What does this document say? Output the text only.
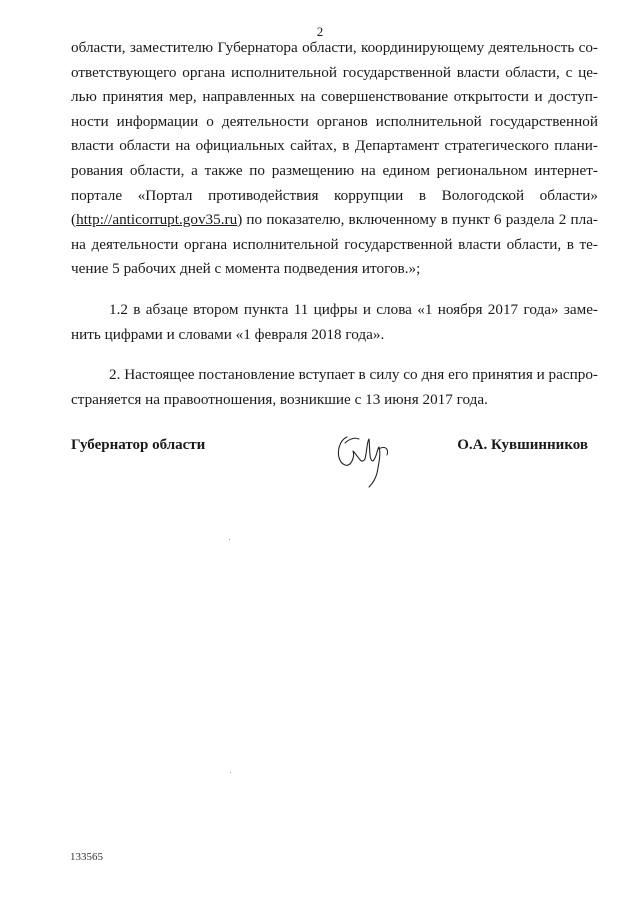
2
области, заместителю Губернатора области, координирующему деятельность со-
ответствующего органа исполнительной государственной власти области, с це-
лью принятия мер, направленных на совершенствование открытости и доступ-
ности информации о деятельности органов исполнительной государственной
власти области на официальных сайтах, в Департамент стратегического плани-
рования области, а также по размещению на едином региональном интернет-
портале «Портал противодействия коррупции в Вологодской области»
(http://anticorrupt.gov35.ru) по показателю, включенному в пункт 6 раздела 2 пла-
на деятельности органа исполнительной государственной власти области, в те-
чение 5 рабочих дней с момента подведения итогов.»;
1.2 в абзаце втором пункта 11 цифры и слова «1 ноября 2017 года» заме-
нить цифрами и словами «1 февраля 2018 года».
2. Настоящее постановление вступает в силу со дня его принятия и распро-
страняется на правоотношения, возникшие с 13 июня 2017 года.
Губернатор области	О.А. Кувшинников
133565
